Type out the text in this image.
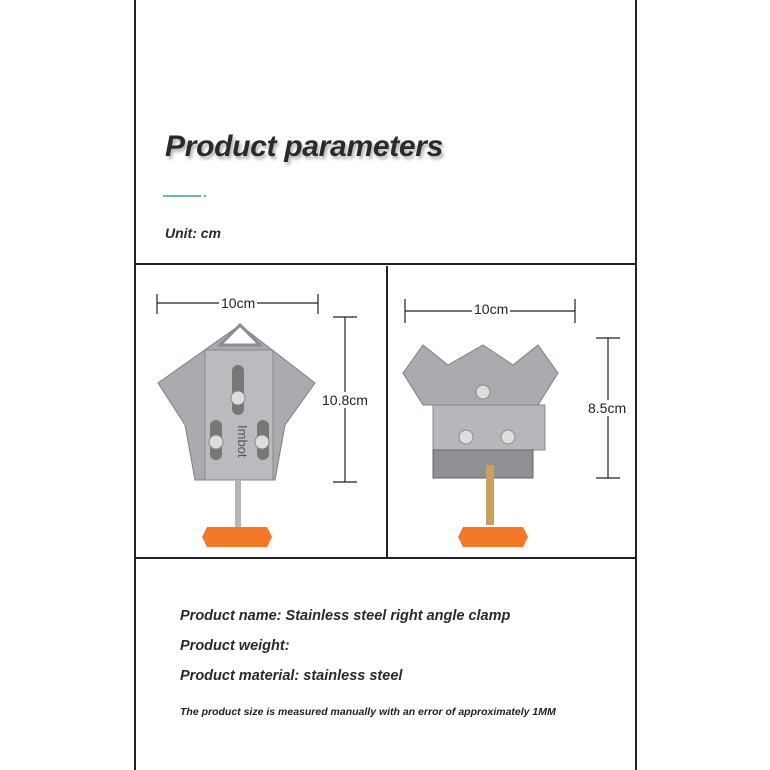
Product parameters
Unit: cm
Imbot
10cm
10.8cm
10cm
8.5cm
Product name: Stainless steel right angle clamp
Product weight:
Product material: stainless steel
The product size is measured manually with an error of approximately 1MM
